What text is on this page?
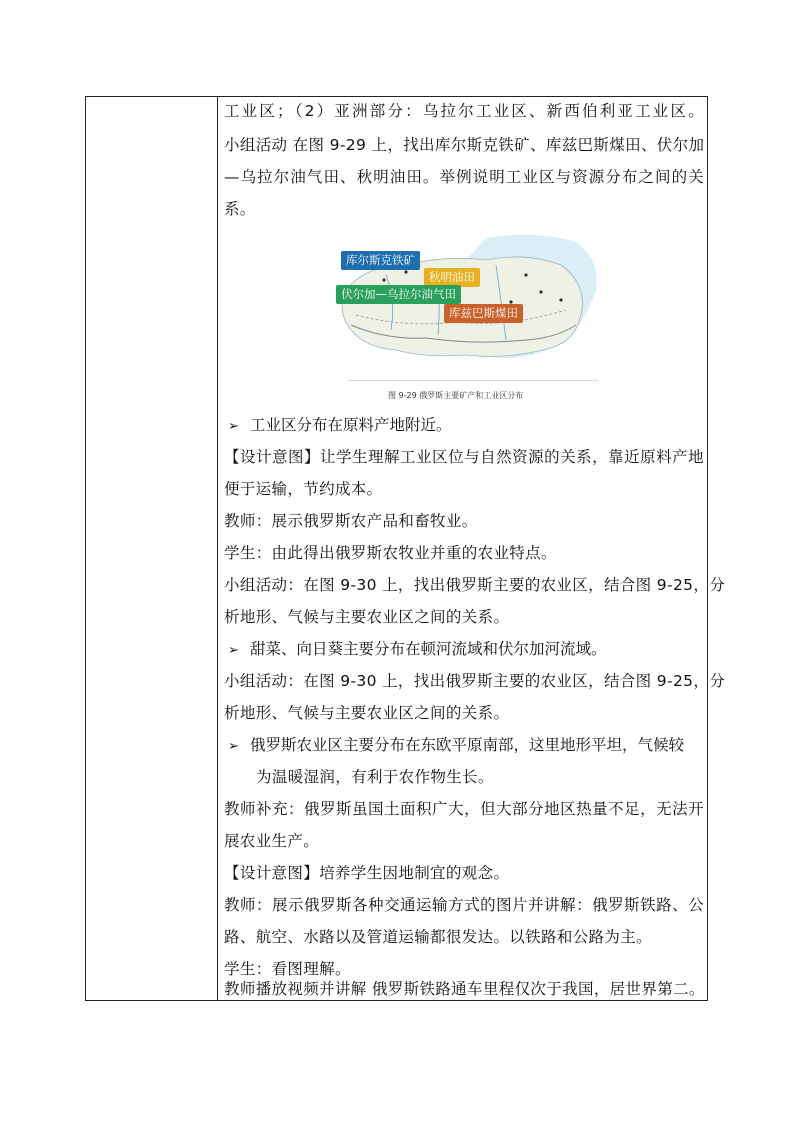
工业区；（2）亚洲部分：乌拉尔工业区、新西伯利亚工业区。
小组活动 在图 9-29 上，找出库尔斯克铁矿、库兹巴斯煤田、伏尔加
—乌拉尔油气田、秋明油田。举例说明工业区与资源分布之间的关
系。
库尔斯克铁矿
秋明油田
伏尔加—乌拉尔油气田
库兹巴斯煤田
图 9-29 俄罗斯主要矿产和工业区分布
➢ 工业区分布在原料产地附近。
【设计意图】让学生理解工业区位与自然资源的关系，靠近原料产地
便于运输，节约成本。
教师：展示俄罗斯农产品和畜牧业。
学生：由此得出俄罗斯农牧业并重的农业特点。
小组活动：在图 9-30 上，找出俄罗斯主要的农业区，结合图 9-25，分
析地形、气候与主要农业区之间的关系。
➢ 甜菜、向日葵主要分布在顿河流域和伏尔加河流域。
小组活动：在图 9-30 上，找出俄罗斯主要的农业区，结合图 9-25，分
析地形、气候与主要农业区之间的关系。
➢ 俄罗斯农业区主要分布在东欧平原南部，这里地形平坦，气候较
为温暖湿润，有利于农作物生长。
教师补充：俄罗斯虽国土面积广大，但大部分地区热量不足，无法开
展农业生产。
【设计意图】培养学生因地制宜的观念。
教师：展示俄罗斯各种交通运输方式的图片并讲解：俄罗斯铁路、公
路、航空、水路以及管道运输都很发达。以铁路和公路为主。
学生：看图理解。
教师播放视频并讲解 俄罗斯铁路通车里程仅次于我国，居世界第二。
